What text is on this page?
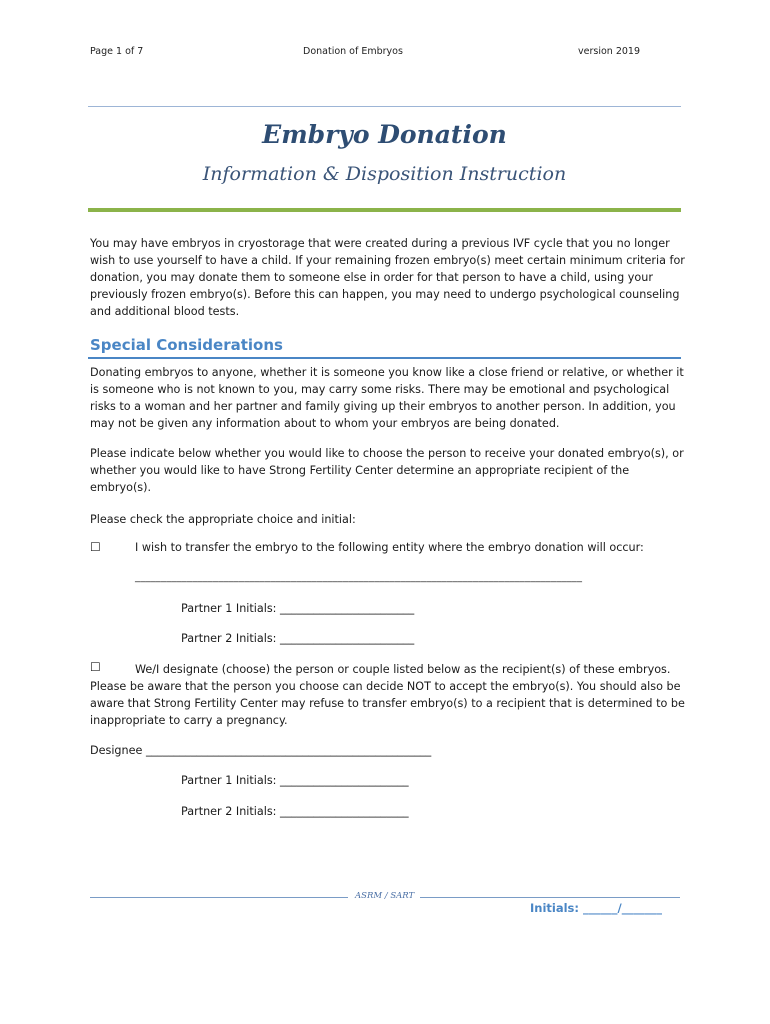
Page 1 of 7	Donation of Embryos	version 2019
Embryo Donation
Information & Disposition Instruction
You may have embryos in cryostorage that were created during a previous IVF cycle that you no longer wish to use yourself to have a child. If your remaining frozen embryo(s) meet certain minimum criteria for donation, you may donate them to someone else in order for that person to have a child, using your previously frozen embryo(s). Before this can happen, you may need to undergo psychological counseling and additional blood tests.
Special Considerations
Donating embryos to anyone, whether it is someone you know like a close friend or relative, or whether it is someone who is not known to you, may carry some risks. There may be emotional and psychological risks to a woman and her partner and family giving up their embryos to another person. In addition, you may not be given any information about to whom your embryos are being donated.
Please indicate below whether you would like to choose the person to receive your donated embryo(s), or whether you would like to have Strong Fertility Center determine an appropriate recipient of the embryo(s).
Please check the appropriate choice and initial:
☐	I wish to transfer the embryo to the following entity where the embryo donation will occur:
______________________________________________________________________________________
Partner 1 Initials: ________________________
Partner 2 Initials: ________________________
☐	We/I designate (choose) the person or couple listed below as the recipient(s) of these embryos. Please be aware that the person you choose can decide NOT to accept the embryo(s). You should also be aware that Strong Fertility Center may refuse to transfer embryo(s) to a recipient that is determined to be inappropriate to carry a pregnancy.
Designee ___________________________________________________
Partner 1 Initials: _______________________
Partner 2 Initials: _______________________
ASRM / SART
Initials: ______/_______
